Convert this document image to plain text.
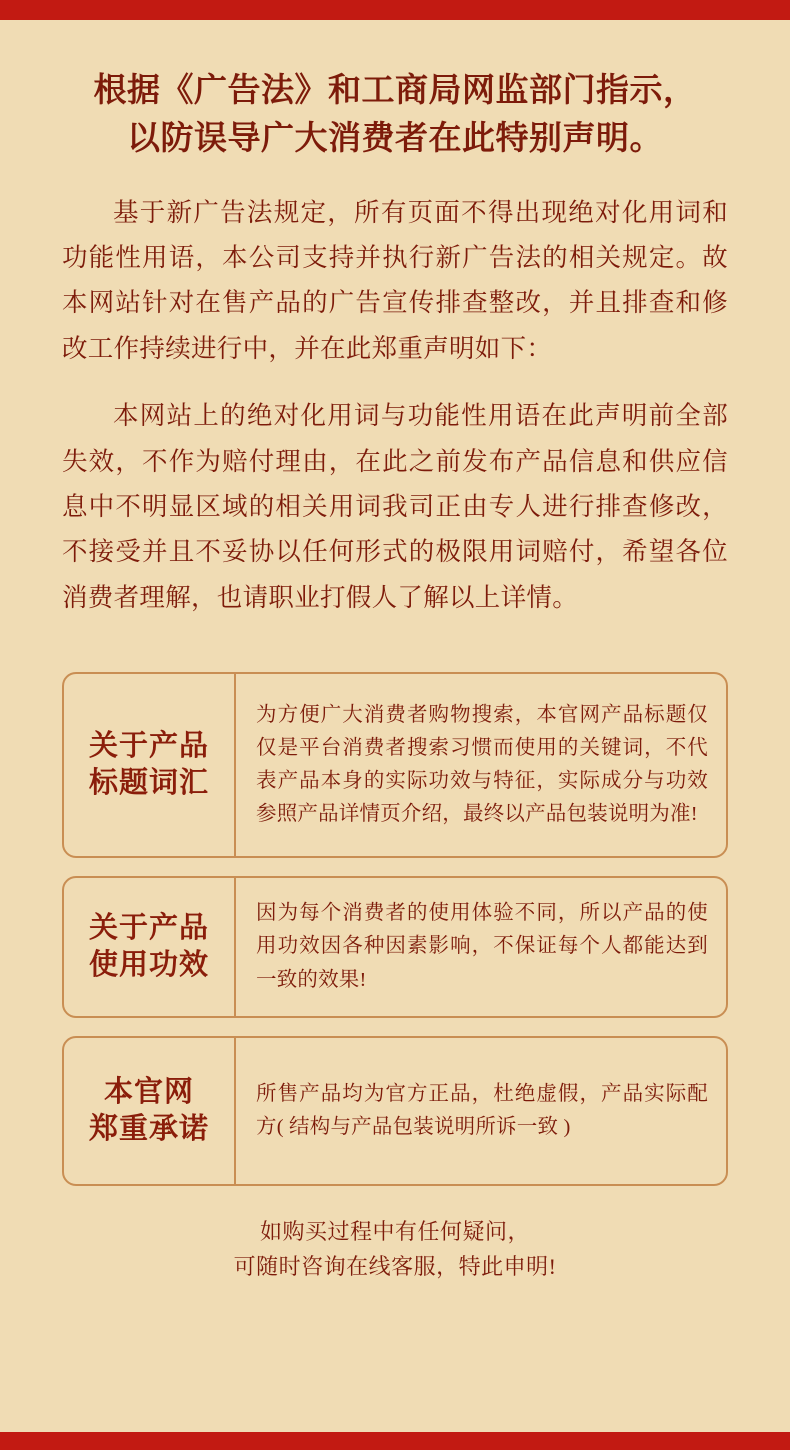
根据《广告法》和工商局网监部门指示，
以防误导广大消费者在此特别声明。

基于新广告法规定，所有页面不得出现绝对化用词和功能性用语，本公司支持并执行新广告法的相关规定。故本网站针对在售产品的广告宣传排查整改，并且排查和修改工作持续进行中，并在此郑重声明如下：

本网站上的绝对化用词与功能性用语在此声明前全部失效，不作为赔付理由，在此之前发布产品信息和供应信息中不明显区域的相关用词我司正由专人进行排查修改，不接受并且不妥协以任何形式的极限用词赔付，希望各位消费者理解，也请职业打假人了解以上详情。

关于产品
标题词汇
为方便广大消费者购物搜索，本官网产品标题仅仅是平台消费者搜索习惯而使用的关键词，不代表产品本身的实际功效与特征，实际成分与功效参照产品详情页介绍，最终以产品包装说明为准!
关于产品
使用功效
因为每个消费者的使用体验不同，所以产品的使用功效因各种因素影响，不保证每个人都能达到一致的效果!
本官网
郑重承诺
所售产品均为官方正品，杜绝虚假，产品实际配方( 结构与产品包装说明所诉一致 )
如购买过程中有任何疑问，
可随时咨询在线客服，特此申明!
